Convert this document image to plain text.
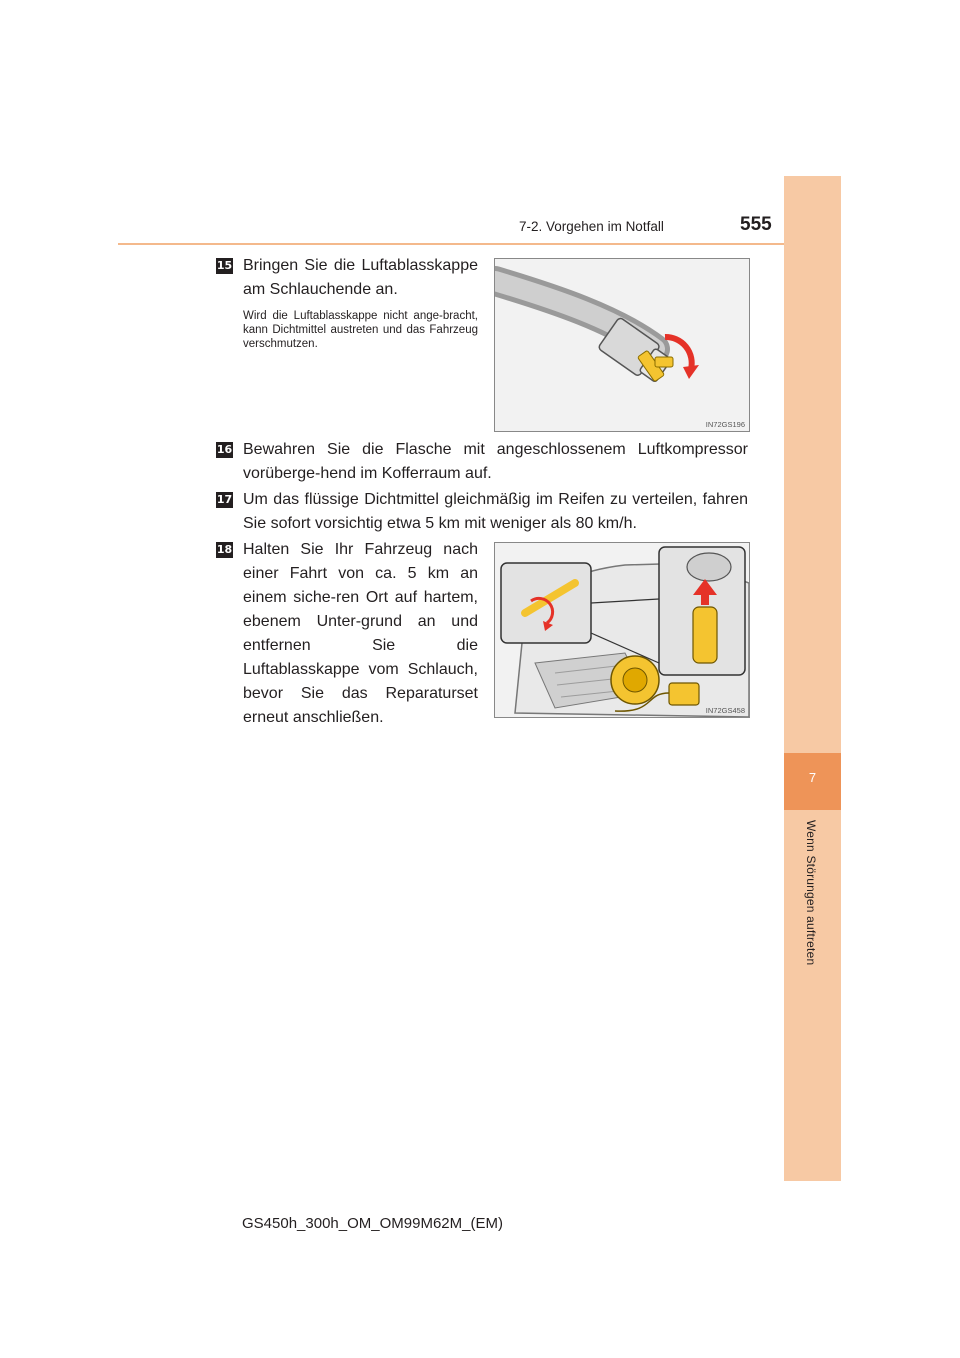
7
Wenn Störungen auftreten
7-2. Vorgehen im Notfall	555
15 Bringen Sie die Luftablasskappe am Schlauchende an.
Wird die Luftablasskappe nicht ange-bracht, kann Dichtmittel austreten und das Fahrzeug verschmutzen.
IN72GS196
16 Bewahren Sie die Flasche mit angeschlossenem Luftkompressor vorüberge-hend im Kofferraum auf.
17 Um das flüssige Dichtmittel gleichmäßig im Reifen zu verteilen, fahren Sie sofort vorsichtig etwa 5 km mit weniger als 80 km/h.
18 Halten Sie Ihr Fahrzeug nach einer Fahrt von ca. 5 km an einem siche-ren Ort auf hartem, ebenem Unter-grund an und entfernen Sie die Luftablasskappe vom Schlauch, bevor Sie das Reparaturset erneut anschließen.	IN72GS458
GS450h_300h_OM_OM99M62M_(EM)
